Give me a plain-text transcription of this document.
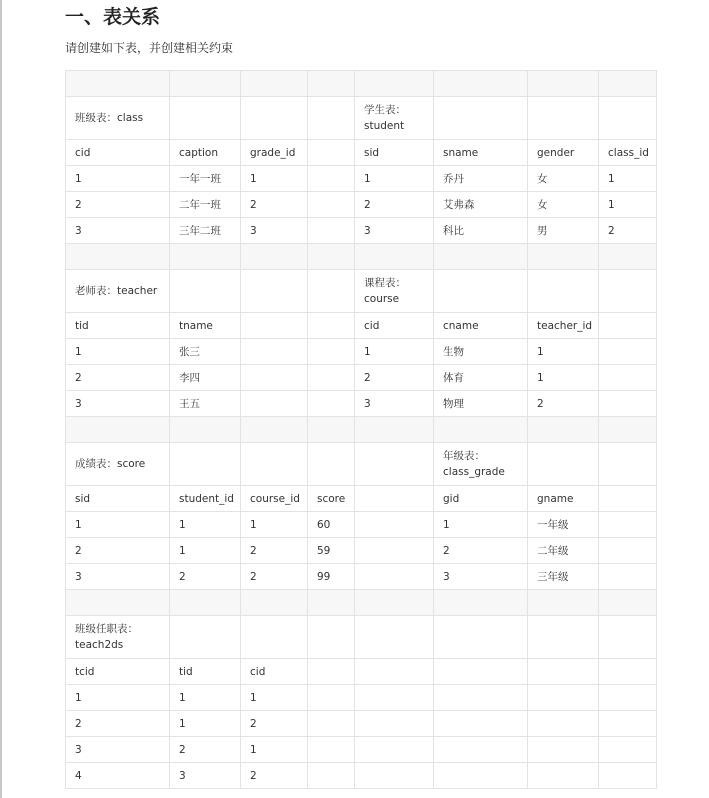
一、表关系

请创建如下表，并创建相关约束

班级表：class				学生表：student			
cid	caption	grade_id		sid	sname	gender	class_id
1	一年一班	1		1	乔丹	女	1
2	二年一班	2		2	艾弗森	女	1
3	三年二班	3		3	科比	男	2

老师表：teacher				课程表：course			
tid	tname			cid	cname	teacher_id	
1	张三			1	生物	1	
2	李四			2	体育	1	
3	王五			3	物理	2	

成绩表：score					年级表：class_grade		
sid	student_id	course_id	score		gid	gname	
1	1	1	60		1	一年级	
2	1	2	59		2	二年级	
3	2	2	99		3	三年级	

班级任职表：teach2ds							
tcid	tid	cid					
1	1	1					
2	1	2					
3	2	1					
4	3	2					
